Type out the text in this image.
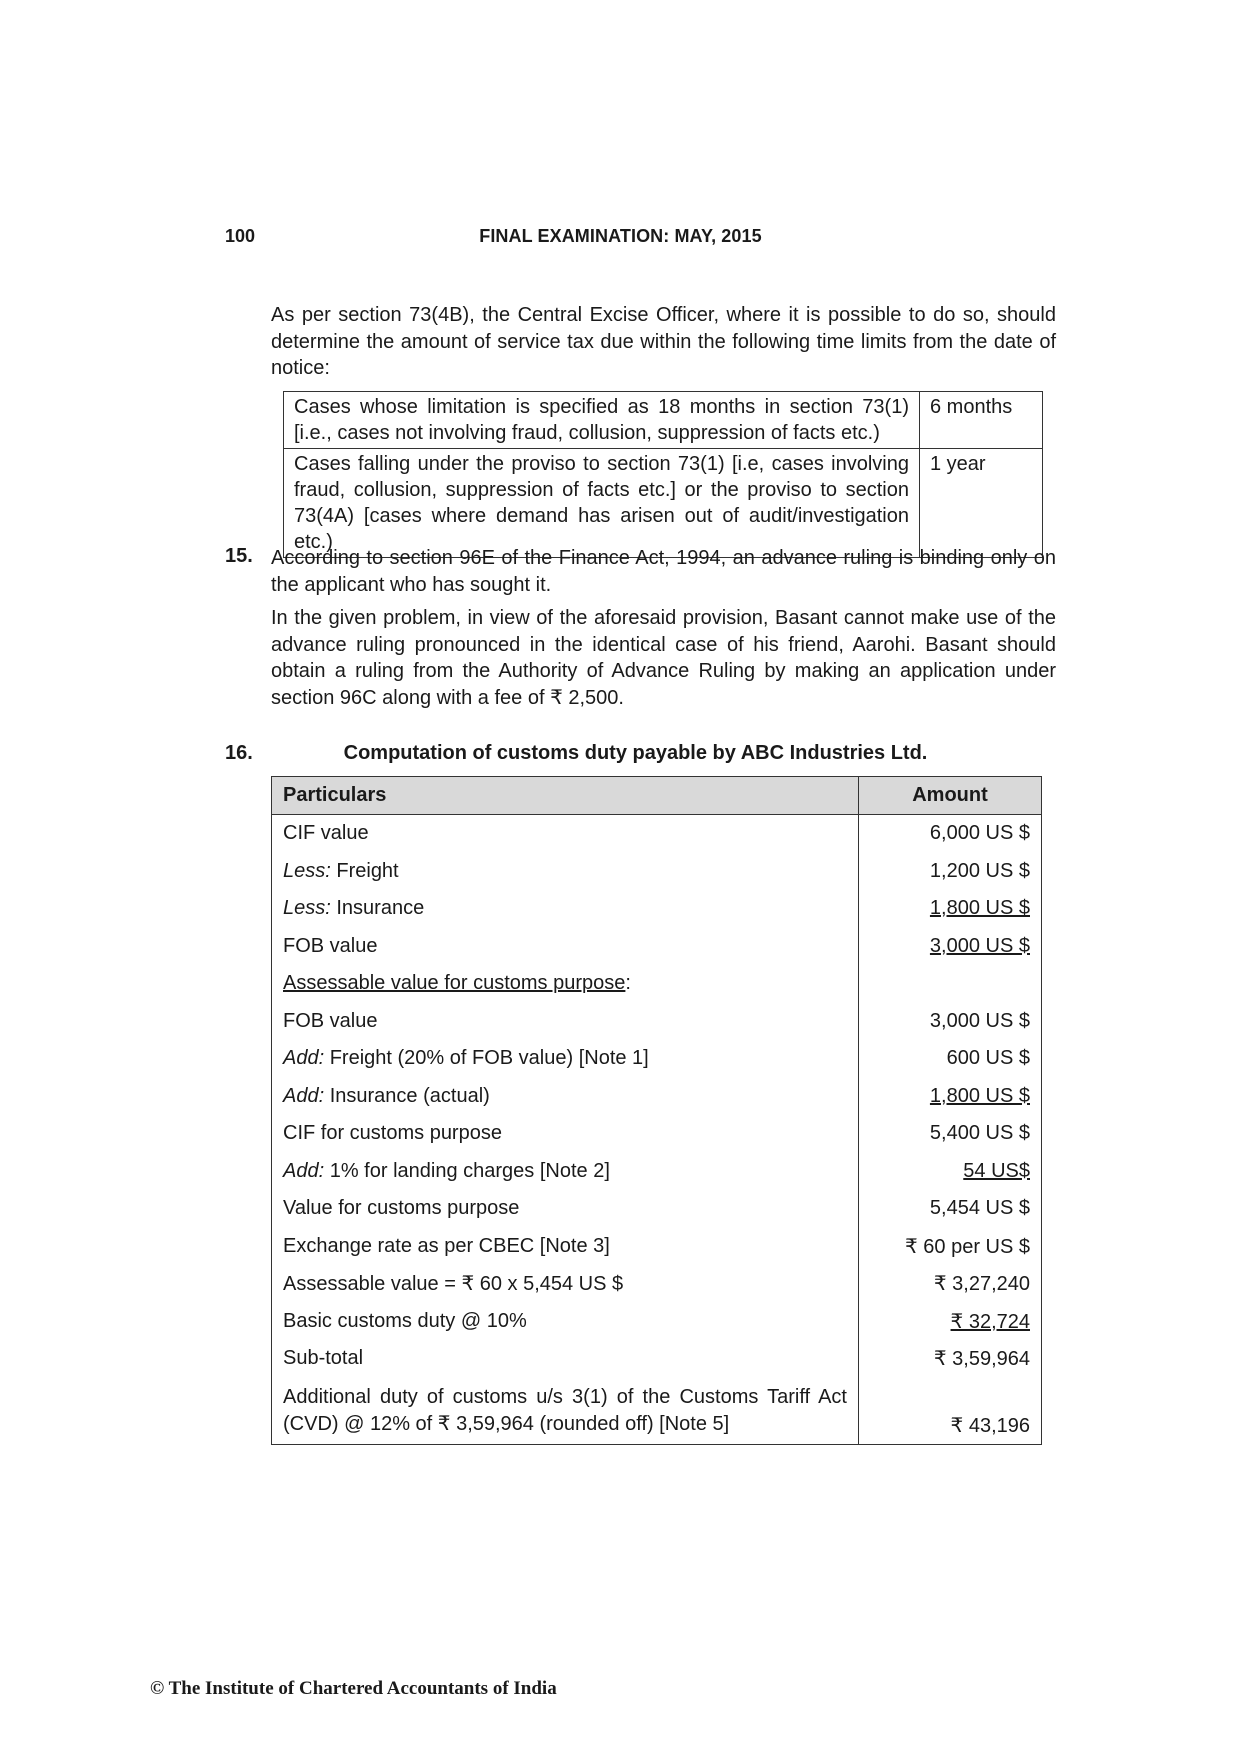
100	FINAL EXAMINATION: MAY, 2015
As per section 73(4B), the Central Excise Officer, where it is possible to do so, should determine the amount of service tax due within the following time limits from the date of notice:
Cases whose limitation is specified as 18 months in section 73(1) [i.e., cases not involving fraud, collusion, suppression of facts etc.)	6 months
Cases falling under the proviso to section 73(1) [i.e, cases involving fraud, collusion, suppression of facts etc.] or the proviso to section 73(4A) [cases where demand has arisen out of audit/investigation etc.)	1 year
15. According to section 96E of the Finance Act, 1994, an advance ruling is binding only on the applicant who has sought it.
In the given problem, in view of the aforesaid provision, Basant cannot make use of the advance ruling pronounced in the identical case of his friend, Aarohi. Basant should obtain a ruling from the Authority of Advance Ruling by making an application under section 96C along with a fee of ₹ 2,500.
16.	Computation of customs duty payable by ABC Industries Ltd.
Particulars	Amount
CIF value	6,000 US $
Less: Freight	1,200 US $
Less: Insurance	1,800 US $
FOB value	3,000 US $
Assessable value for customs purpose:	
FOB value	3,000 US $
Add: Freight (20% of FOB value) [Note 1]	600 US $
Add: Insurance (actual)	1,800 US $
CIF for customs purpose	5,400 US $
Add: 1% for landing charges [Note 2]	54 US$
Value for customs purpose	5,454 US $
Exchange rate as per CBEC [Note 3]	₹ 60 per US $
Assessable value = ₹ 60 x 5,454 US $	₹ 3,27,240
Basic customs duty @ 10%	₹ 32,724
Sub-total	₹ 3,59,964
Additional duty of customs u/s 3(1) of the Customs Tariff Act (CVD) @ 12% of ₹ 3,59,964 (rounded off) [Note 5]	₹ 43,196
© The Institute of Chartered Accountants of India
